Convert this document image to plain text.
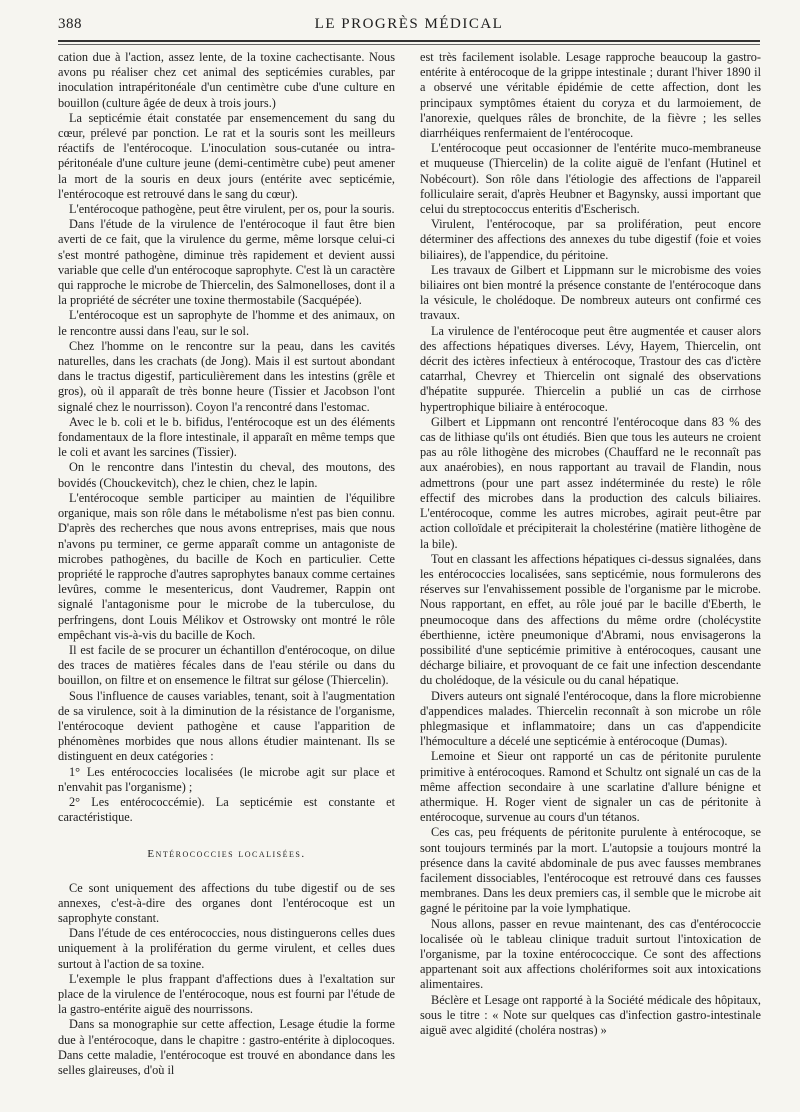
388	LE PROGRÈS MÉDICAL

cation due à l'action, assez lente, de la toxine cachectisante. Nous avons pu réaliser chez cet animal des septicémies curables, par inoculation intrapéritonéale d'un centimètre cube d'une culture en bouillon (culture âgée de deux à trois jours.)

La septicémie était constatée par ensemencement du sang du cœur, prélevé par ponction. Le rat et la souris sont les meilleurs réactifs de l'entérocoque. L'inoculation sous-cutanée ou intra-péritonéale d'une culture jeune (demi-centimètre cube) peut amener la mort de la souris en deux jours (entérite avec septicémie, l'entérocoque est retrouvé dans le sang du cœur).

L'entérocoque pathogène, peut être virulent, per os, pour la souris.

Dans l'étude de la virulence de l'entérocoque il faut être bien averti de ce fait, que la virulence du germe, même lorsque celui-ci s'est montré pathogène, diminue très rapidement et devient aussi variable que celle d'un entérocoque saprophyte. C'est là un caractère qui rapproche le microbe de Thiercelin, des Salmonelloses, dont il a la propriété de sécréter une toxine thermostabile (Sacquépée).

L'entérocoque est un saprophyte de l'homme et des animaux, on le rencontre aussi dans l'eau, sur le sol.

Chez l'homme on le rencontre sur la peau, dans les cavités naturelles, dans les crachats (de Jong). Mais il est surtout abondant dans le tractus digestif, particulièrement dans les intestins (grêle et gros), où il apparaît de très bonne heure (Tissier et Jacobson l'ont signalé chez le nourrisson). Coyon l'a rencontré dans l'estomac.

Avec le b. coli et le b. bifidus, l'entérocoque est un des éléments fondamentaux de la flore intestinale, il apparaît en même temps que le coli et avant les sarcines (Tissier).

On le rencontre dans l'intestin du cheval, des moutons, des bovidés (Chouckevitch), chez le chien, chez le lapin.

L'entérocoque semble participer au maintien de l'équilibre organique, mais son rôle dans le métabolisme n'est pas bien connu. D'après des recherches que nous avons entreprises, mais que nous n'avons pu terminer, ce germe apparaît comme un antagoniste de microbes pathogènes, du bacille de Koch en particulier. Cette propriété le rapproche d'autres saprophytes banaux comme certaines levûres, comme le mesentericus, dont Vaudremer, Rappin ont signalé l'antagonisme pour le microbe de la tuberculose, du perfringens, dont Louis Mélikov et Ostrowsky ont montré le rôle empêchant vis-à-vis du bacille de Koch.

Il est facile de se procurer un échantillon d'entérocoque, on dilue des traces de matières fécales dans de l'eau stérile ou dans du bouillon, on filtre et on ensemence le filtrat sur gélose (Thiercelin).

Sous l'influence de causes variables, tenant, soit à l'augmentation de sa virulence, soit à la diminution de la résistance de l'organisme, l'entérocoque devient pathogène et cause l'apparition de phénomènes morbides que nous allons étudier maintenant. Ils se distinguent en deux catégories :

1° Les entérococcies localisées (le microbe agit sur place et n'envahit pas l'organisme) ;

2° Les entérococcémie). La septicémie est constante et caractéristique.

Entérococcies localisées.

Ce sont uniquement des affections du tube digestif ou de ses annexes, c'est-à-dire des organes dont l'entérocoque est un saprophyte constant.

Dans l'étude de ces entérococcies, nous distinguerons celles dues uniquement à la prolifération du germe virulent, et celles dues surtout à l'action de sa toxine.

L'exemple le plus frappant d'affections dues à l'exaltation sur place de la virulence de l'entérocoque, nous est fourni par l'étude de la gastro-entérite aiguë des nourrissons.

Dans sa monographie sur cette affection, Lesage étudie la forme due à l'entérocoque, dans le chapitre : gastro-entérite à diplocoques. Dans cette maladie, l'entérocoque est trouvé en abondance dans les selles glaireuses, d'où il

est très facilement isolable. Lesage rapproche beaucoup la gastro-entérite à entérocoque de la grippe intestinale ; durant l'hiver 1890 il a observé une véritable épidémie de cette affection, dont les principaux symptômes étaient du coryza et du larmoiement, de l'anorexie, quelques râles de bronchite, de la fièvre ; les selles diarrhéiques renfermaient de l'entérocoque.

L'entérocoque peut occasionner de l'entérite muco-membraneuse et muqueuse (Thiercelin) de la colite aiguë de l'enfant (Hutinel et Nobécourt). Son rôle dans l'étiologie des affections de l'appareil folliculaire serait, d'après Heubner et Bagynsky, aussi important que celui du streptococcus enteritis d'Escherisch.

Virulent, l'entérocoque, par sa prolifération, peut encore déterminer des affections des annexes du tube digestif (foie et voies biliaires), de l'appendice, du péritoine.

Les travaux de Gilbert et Lippmann sur le microbisme des voies biliaires ont bien montré la présence constante de l'entérocoque dans la vésicule, le cholédoque. De nombreux auteurs ont confirmé ces travaux.

La virulence de l'entérocoque peut être augmentée et causer alors des affections hépatiques diverses. Lévy, Hayem, Thiercelin, ont décrit des ictères infectieux à entérocoque, Trastour des cas d'ictère catarrhal, Chevrey et Thiercelin ont signalé des observations d'hépatite suppurée. Thiercelin a publié un cas de cirrhose hypertrophique biliaire à entérocoque.

Gilbert et Lippmann ont rencontré l'entérocoque dans 83 % des cas de lithiase qu'ils ont étudiés. Bien que tous les auteurs ne croient pas au rôle lithogène des microbes (Chauffard ne le reconnaît pas aux anaérobies), en nous rapportant au travail de Flandin, nous admettrons (pour une part assez indéterminée du reste) le rôle effectif des microbes dans la production des calculs biliaires. L'entérocoque, comme les autres microbes, agirait peut-être par action colloïdale et précipiterait la cholestérine (matière lithogène de la bile).

Tout en classant les affections hépatiques ci-dessus signalées, dans les entérococcies localisées, sans septicémie, nous formulerons des réserves sur l'envahissement possible de l'organisme par le microbe. Nous rapportant, en effet, au rôle joué par le bacille d'Eberth, le pneumocoque dans des affections du même ordre (cholécystite éberthienne, ictère pneumonique d'Abrami, nous envisagerons la possibilité d'une septicémie primitive à entérocoques, causant une décharge biliaire, et provoquant de ce fait une infection descendante du cholédoque, de la vésicule ou du canal hépatique.

Divers auteurs ont signalé l'entérocoque, dans la flore microbienne d'appendices malades. Thiercelin reconnaît à son microbe un rôle phlegmasique et inflammatoire; dans un cas d'appendicite l'hémoculture a décelé une septicémie à entérocoque (Dumas).

Lemoine et Sieur ont rapporté un cas de péritonite purulente primitive à entérocoques. Ramond et Schultz ont signalé un cas de la même affection secondaire à une scarlatine d'allure bénigne et athermique. H. Roger vient de signaler un cas de péritonite à entérocoque, survenue au cours d'un tétanos.

Ces cas, peu fréquents de péritonite purulente à entérocoque, se sont toujours terminés par la mort. L'autopsie a toujours montré la présence dans la cavité abdominale de pus avec fausses membranes facilement dissociables, l'entérocoque est retrouvé dans ces fausses membranes. Dans les deux premiers cas, il semble que le microbe ait gagné le péritoine par la voie lymphatique.

Nous allons, passer en revue maintenant, des cas d'entérococcie localisée où le tableau clinique traduit surtout l'intoxication de l'organisme, par la toxine entérococcique. Ce sont des affections appartenant soit aux affections cholériformes soit aux intoxications alimentaires.

Béclère et Lesage ont rapporté à la Société médicale des hôpitaux, sous le titre : « Note sur quelques cas d'infection gastro-intestinale aiguë avec algidité (choléra nostras) »
